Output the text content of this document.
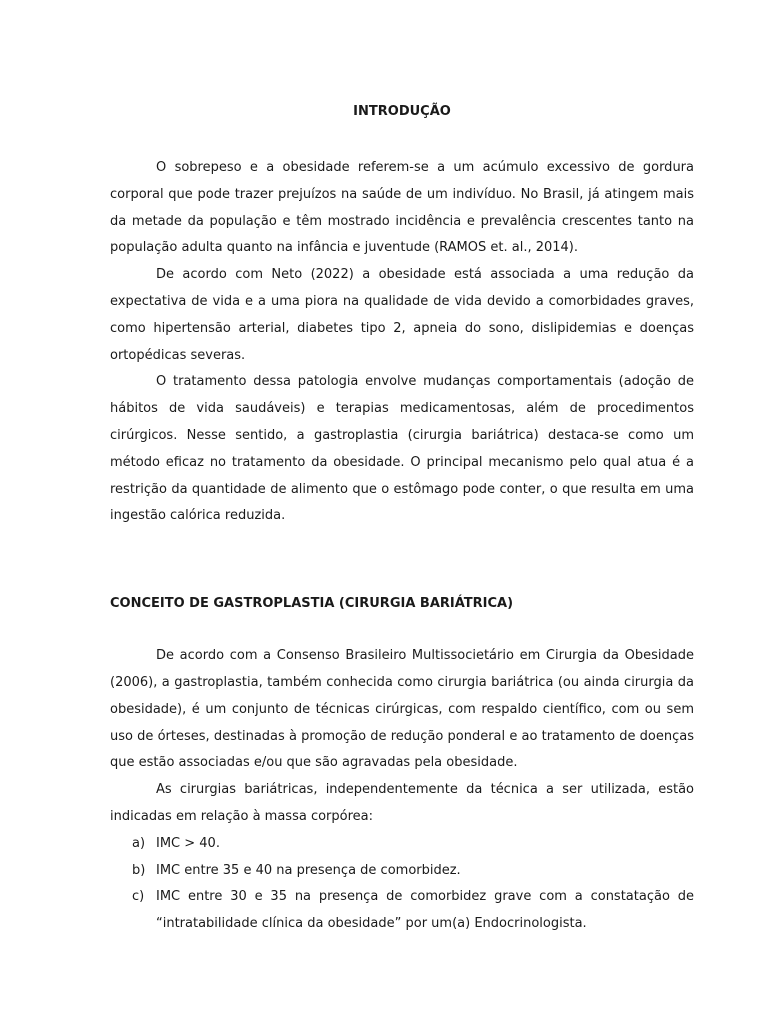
INTRODUÇÃO

O sobrepeso e a obesidade referem-se a um acúmulo excessivo de gordura corporal que pode trazer prejuízos na saúde de um indivíduo. No Brasil, já atingem mais da metade da população e têm mostrado incidência e prevalência crescentes tanto na população adulta quanto na infância e juventude (RAMOS et. al., 2014).

De acordo com Neto (2022) a obesidade está associada a uma redução da expectativa de vida e a uma piora na qualidade de vida devido a comorbidades graves, como hipertensão arterial, diabetes tipo 2, apneia do sono, dislipidemias e doenças ortopédicas severas.

O tratamento dessa patologia envolve mudanças comportamentais (adoção de hábitos de vida saudáveis) e terapias medicamentosas, além de procedimentos cirúrgicos. Nesse sentido, a gastroplastia (cirurgia bariátrica) destaca-se como um método eficaz no tratamento da obesidade. O principal mecanismo pelo qual atua é a restrição da quantidade de alimento que o estômago pode conter, o que resulta em uma ingestão calórica reduzida.

CONCEITO DE GASTROPLASTIA (CIRURGIA BARIÁTRICA)

De acordo com a Consenso Brasileiro Multissocietário em Cirurgia da Obesidade (2006), a gastroplastia, também conhecida como cirurgia bariátrica (ou ainda cirurgia da obesidade), é um conjunto de técnicas cirúrgicas, com respaldo científico, com ou sem uso de órteses, destinadas à promoção de redução ponderal e ao tratamento de doenças que estão associadas e/ou que são agravadas pela obesidade.

As cirurgias bariátricas, independentemente da técnica a ser utilizada, estão indicadas em relação à massa corpórea:

a) IMC > 40.
b) IMC entre 35 e 40 na presença de comorbidez.
c) IMC entre 30 e 35 na presença de comorbidez grave com a constatação de “intratabilidade clínica da obesidade” por um(a) Endocrinologista.
